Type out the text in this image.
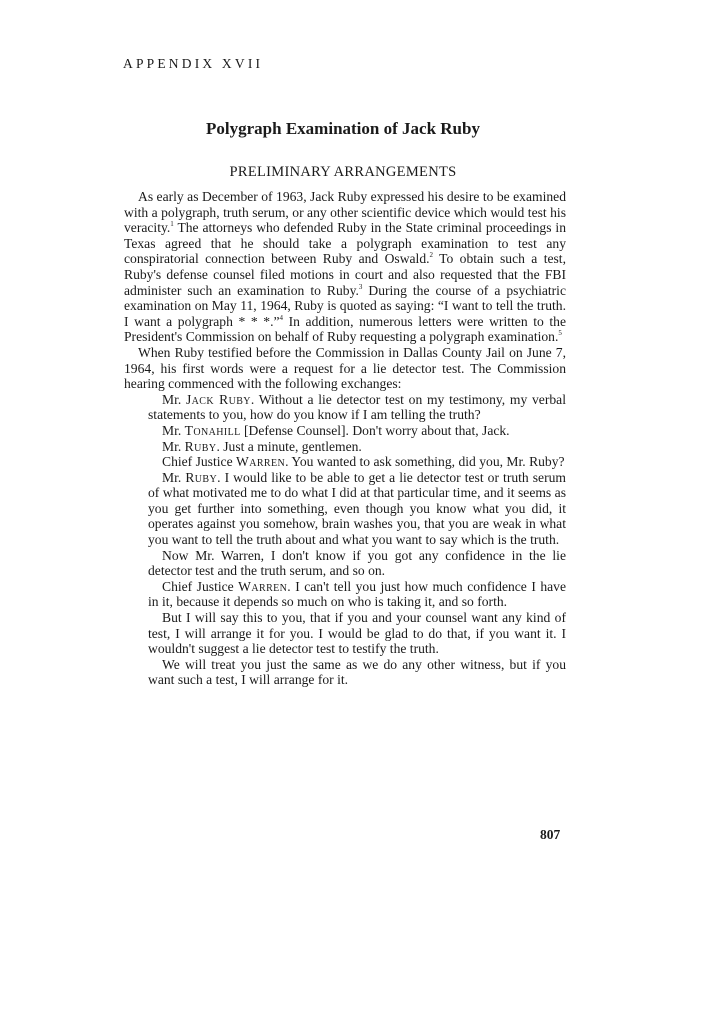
APPENDIX XVII
Polygraph Examination of Jack Ruby
PRELIMINARY ARRANGEMENTS

As early as December of 1963, Jack Ruby expressed his desire to be examined with a polygraph, truth serum, or any other scientific device which would test his veracity.$^1$ The attorneys who defended Ruby in the State criminal proceedings in Texas agreed that he should take a polygraph examination to test any conspiratorial connection between Ruby and Oswald.$^2$ To obtain such a test, Ruby's defense counsel filed motions in court and also requested that the FBI administer such an examination to Ruby.$^3$ During the course of a psychiatric examination on May 11, 1964, Ruby is quoted as saying: “I want to tell the truth. I want a polygraph * * *.”$^4$ In addition, numerous letters were written to the President's Commission on behalf of Ruby requesting a polygraph examination.$^5$

When Ruby testified before the Commission in Dallas County Jail on June 7, 1964, his first words were a request for a lie detector test. The Commission hearing commenced with the following exchanges:

Mr. Jack Ruby. Without a lie detector test on my testimony, my verbal statements to you, how do you know if I am telling the truth?

Mr. Tonahill [Defense Counsel]. Don't worry about that, Jack.

Mr. Ruby. Just a minute, gentlemen.

Chief Justice Warren. You wanted to ask something, did you, Mr. Ruby?

Mr. Ruby. I would like to be able to get a lie detector test or truth serum of what motivated me to do what I did at that particular time, and it seems as you get further into something, even though you know what you did, it operates against you somehow, brain washes you, that you are weak in what you want to tell the truth about and what you want to say which is the truth.

Now Mr. Warren, I don't know if you got any confidence in the lie detector test and the truth serum, and so on.

Chief Justice Warren. I can't tell you just how much confidence I have in it, because it depends so much on who is taking it, and so forth.

But I will say this to you, that if you and your counsel want any kind of test, I will arrange it for you. I would be glad to do that, if you want it. I wouldn't suggest a lie detector test to testify the truth.

We will treat you just the same as we do any other witness, but if you want such a test, I will arrange for it.

807
